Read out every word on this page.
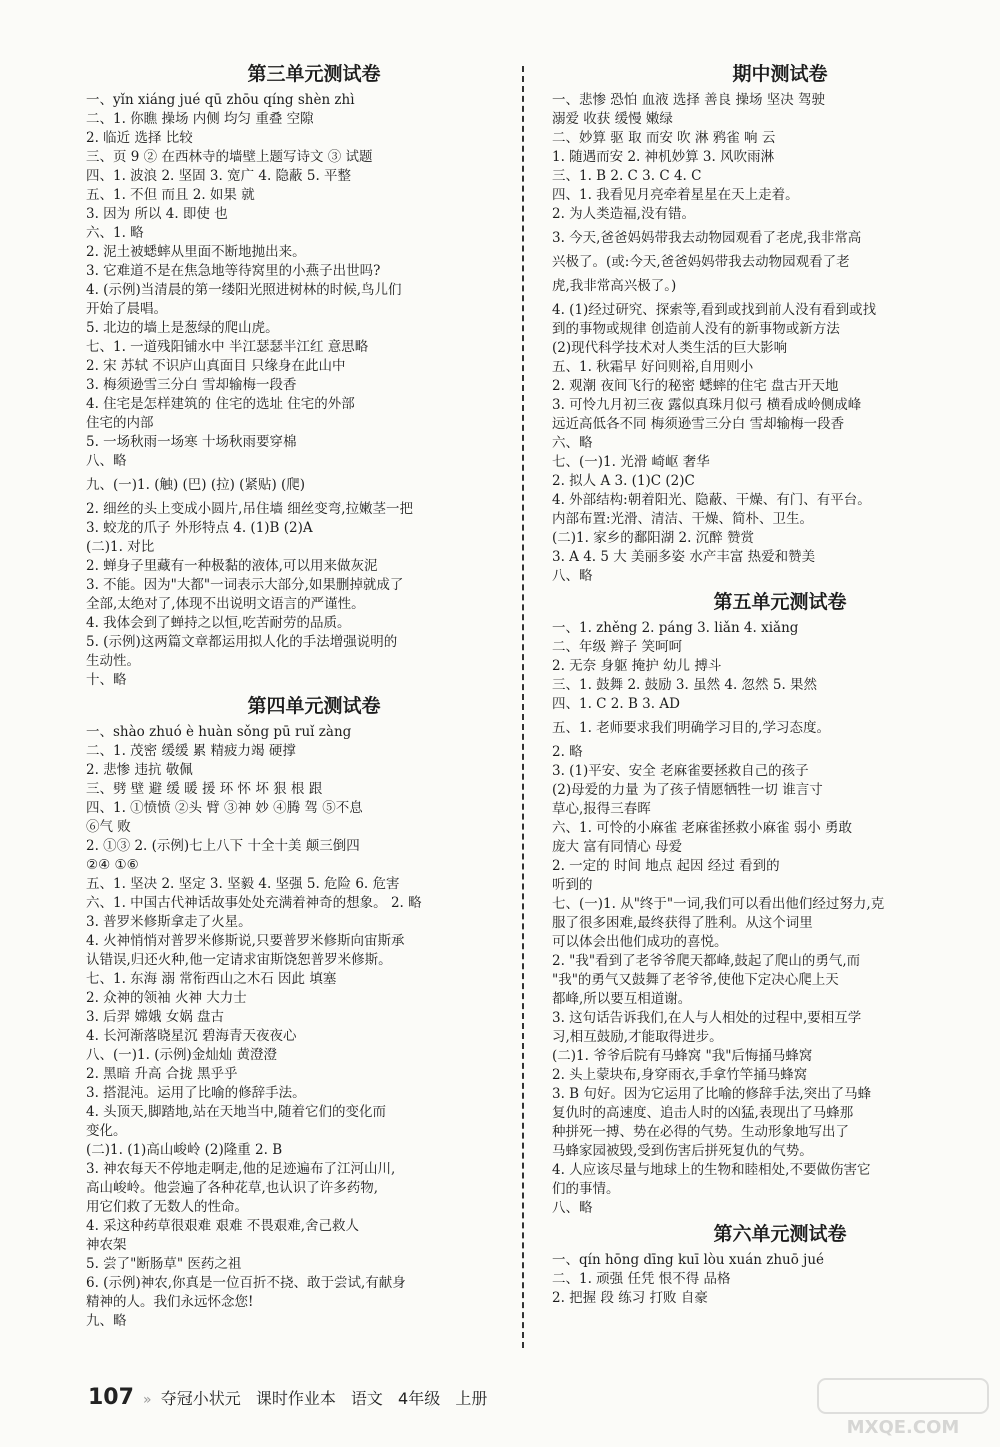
第三单元测试卷
一、yǐn xiáng jué qū zhōu qíng shèn zhì
二、1. 你瞧 操场 内侧 均匀 重叠 空隙
2. 临近 选择 比较
三、页 9 ② 在西林寺的墙壁上题写诗文 ③ 试题
四、1. 波浪 2. 坚固 3. 宽广 4. 隐蔽 5. 平整
五、1. 不但 而且 2. 如果 就
3. 因为 所以 4. 即使 也
六、1. 略
2. 泥土被蟋蟀从里面不断地抛出来。
3. 它难道不是在焦急地等待窝里的小燕子出世吗?
4. (示例)当清晨的第一缕阳光照进树林的时候,鸟儿们
开始了晨唱。
5. 北边的墙上是葱绿的爬山虎。
七、1. 一道残阳铺水中 半江瑟瑟半江红 意思略
2. 宋 苏轼 不识庐山真面目 只缘身在此山中
3. 梅须逊雪三分白 雪却输梅一段香
4. 住宅是怎样建筑的 住宅的选址 住宅的外部
住宅的内部
5. 一场秋雨一场寒 十场秋雨要穿棉
八、略
九、(一)1. (触) (巴) (拉) (紧贴) (爬)
2. 细丝的头上变成小圆片,吊住墙 细丝变弯,拉嫩茎一把
3. 蛟龙的爪子 外形特点 4. (1)B (2)A
(二)1. 对比
2. 蝉身子里藏有一种极黏的液体,可以用来做灰泥
3. 不能。因为"大都"一词表示大部分,如果删掉就成了
全部,太绝对了,体现不出说明文语言的严谨性。
4. 我体会到了蝉持之以恒,吃苦耐劳的品质。
5. (示例)这两篇文章都运用拟人化的手法增强说明的
生动性。
十、略
第四单元测试卷
一、shào zhuó è huàn sǒng pū ruǐ zàng
二、1. 茂密 缓缓 累 精疲力竭 硬撑
2. 悲惨 违抗 敬佩
三、劈 壁 避 缓 暖 援 环 怀 坏 狠 根 跟
四、1. ①愤愤 ②头 臂 ③神 妙 ④腾 驾 ⑤不息
⑥气 败
2. ①③ 2. (示例)七上八下 十全十美 颠三倒四
②④ ①⑥
五、1. 坚决 2. 坚定 3. 坚毅 4. 坚强 5. 危险 6. 危害
六、1. 中国古代神话故事处处充满着神奇的想象。 2. 略
3. 普罗米修斯拿走了火星。
4. 火神悄悄对普罗米修斯说,只要普罗米修斯向宙斯承
认错误,归还火种,他一定请求宙斯饶恕普罗米修斯。
七、1. 东海 溺 常衔西山之木石 因此 填塞
2. 众神的领袖 火神 大力士
3. 后羿 嫦娥 女娲 盘古
4. 长河渐落晓星沉 碧海青天夜夜心
八、(一)1. (示例)金灿灿 黄澄澄
2. 黑暗 升高 合拢 黑乎乎
3. 搭混沌。运用了比喻的修辞手法。
4. 头顶天,脚踏地,站在天地当中,随着它们的变化而
变化。
(二)1. (1)高山峻岭 (2)隆重 2. B
3. 神农每天不停地走啊走,他的足迹遍布了江河山川,
高山峻岭。他尝遍了各种花草,也认识了许多药物,
用它们救了无数人的性命。
4. 采这种药草很艰难 艰难 不畏艰难,舍己救人
神农架
5. 尝了"断肠草" 医药之祖
6. (示例)神农,你真是一位百折不挠、敢于尝试,有献身
精神的人。我们永远怀念您!
九、略
期中测试卷
一、悲惨 恐怕 血液 选择 善良 操场 坚决 驾驶
溺爱 收获 缓慢 嫩绿
二、妙算 驱 取 而安 吹 淋 鸦雀 响 云
1. 随遇而安 2. 神机妙算 3. 风吹雨淋
三、1. B 2. C 3. C 4. C
四、1. 我看见月亮牵着星星在天上走着。
2. 为人类造福,没有错。
3. 今天,爸爸妈妈带我去动物园观看了老虎,我非常高
兴极了。(或:今天,爸爸妈妈带我去动物园观看了老
虎,我非常高兴极了。)
4. (1)经过研究、探索等,看到或找到前人没有看到或找
到的事物或规律 创造前人没有的新事物或新方法
(2)现代科学技术对人类生活的巨大影响
五、1. 秋霜早 好问则裕,自用则小
2. 观潮 夜间飞行的秘密 蟋蟀的住宅 盘古开天地
3. 可怜九月初三夜 露似真珠月似弓 横看成岭侧成峰
远近高低各不同 梅须逊雪三分白 雪却输梅一段香
六、略
七、(一)1. 光滑 崎岖 奢华
2. 拟人 A 3. (1)C (2)C
4. 外部结构:朝着阳光、隐蔽、干燥、有门、有平台。
内部布置:光滑、清洁、干燥、简朴、卫生。
(二)1. 家乡的鄱阳湖 2. 沉醉 赞赏
3. A 4. 5 大 美丽多姿 水产丰富 热爱和赞美
八、略
第五单元测试卷
一、1. zhěng 2. páng 3. liǎn 4. xiǎng
二、年级 辫子 笑呵呵
2. 无奈 身躯 掩护 幼儿 搏斗
三、1. 鼓舞 2. 鼓励 3. 虽然 4. 忽然 5. 果然
四、1. C 2. B 3. AD
五、1. 老师要求我们明确学习目的,学习态度。
2. 略
3. (1)平安、安全 老麻雀要拯救自己的孩子
(2)母爱的力量 为了孩子情愿牺牲一切 谁言寸
草心,报得三春晖
六、1. 可怜的小麻雀 老麻雀拯救小麻雀 弱小 勇敢
庞大 富有同情心 母爱
2. 一定的 时间 地点 起因 经过 看到的
听到的
七、(一)1. 从"终于"一词,我们可以看出他们经过努力,克
服了很多困难,最终获得了胜利。从这个词里
可以体会出他们成功的喜悦。
2. "我"看到了老爷爷爬天都峰,鼓起了爬山的勇气,而
"我"的勇气又鼓舞了老爷爷,使他下定决心爬上天
都峰,所以要互相道谢。
3. 这句话告诉我们,在人与人相处的过程中,要相互学
习,相互鼓励,才能取得进步。
(二)1. 爷爷后院有马蜂窝 "我"后悔捅马蜂窝
2. 头上蒙块布,身穿雨衣,手拿竹竿捅马蜂窝
3. B 句好。因为它运用了比喻的修辞手法,突出了马蜂
复仇时的高速度、追击人时的凶猛,表现出了马蜂那
种拼死一搏、势在必得的气势。生动形象地写出了
马蜂家园被毁,受到伤害后拼死复仇的气势。
4. 人应该尽量与地球上的生物和睦相处,不要做伤害它
们的事情。
八、略
第六单元测试卷
一、qín hōng dīng kuī lòu xuán zhuō jué
二、1. 顽强 任凭 恨不得 品格
2. 把握 段 练习 打败 自豪
107 » 夺冠小状元 课时作业本 语文 4年级 上册
MXQE.COM
